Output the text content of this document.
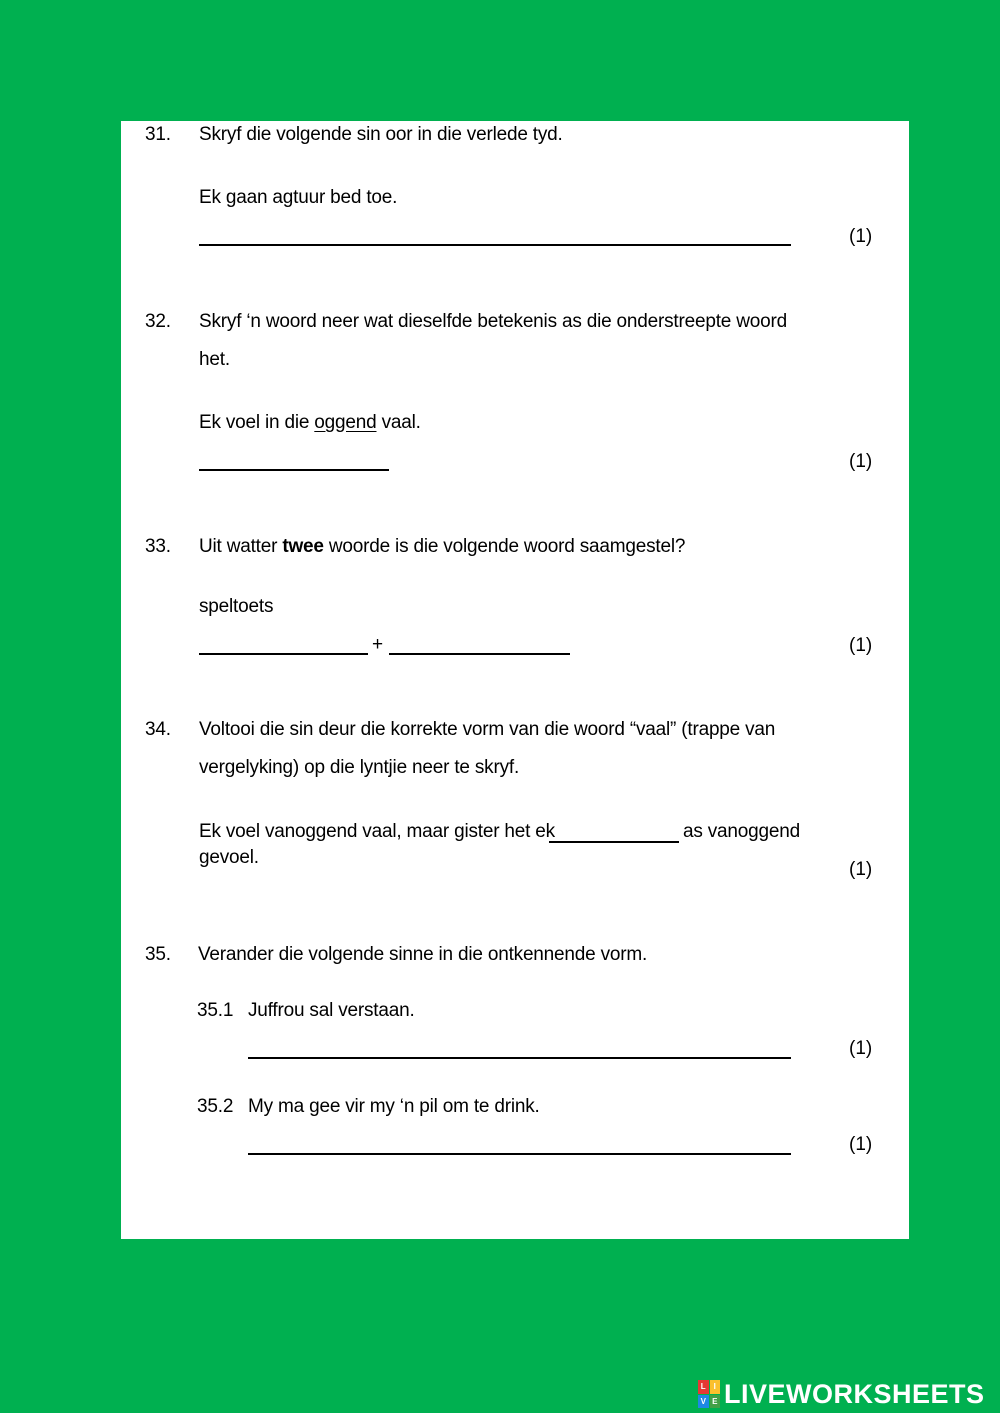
31. Skryf die volgende sin oor in die verlede tyd.
Ek gaan agtuur bed toe.
(1)
32. Skryf ‘n woord neer wat dieselfde betekenis as die onderstreepte woord
het.
Ek voel in die oggend vaal.
(1)
33. Uit watter twee woorde is die volgende woord saamgestel?
speltoets
+	(1)
34. Voltooi die sin deur die korrekte vorm van die woord “vaal” (trappe van
vergelyking) op die lyntjie neer te skryf.
Ek voel vanoggend vaal, maar gister het ek	as vanoggend
gevoel.
(1)
35. Verander die volgende sinne in die ontkennende vorm.
35.1 Juffrou sal verstaan.
(1)
35.2 My ma gee vir my ‘n pil om te drink.
(1)
L I
V E LIVEWORKSHEETS
